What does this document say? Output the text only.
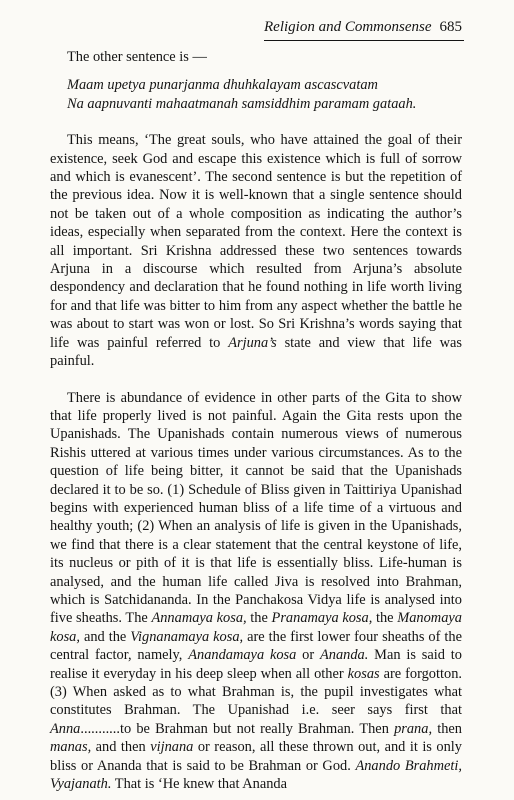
Religion and Commonsense 685

The other sentence is —

Maam upetya punarjanma dhuhkalayam ascascvatam
Na aapnuvanti mahaatmanah samsiddhim paramam gataah.

This means, ‘The great souls, who have attained the goal of their existence, seek God and escape this existence which is full of sorrow and which is evanescent’. The second sentence is but the repetition of the previous idea. Now it is well-known that a single sentence should not be taken out of a whole composition as indicating the author’s ideas, especially when separated from the context. Here the context is all important. Sri Krishna addressed these two sentences towards Arjuna in a discourse which resulted from Arjuna’s absolute despondency and declaration that he found nothing in life worth living for and that life was bitter to him from any aspect whether the battle he was about to start was won or lost. So Sri Krishna’s words saying that life was painful referred to Arjuna’s state and view that life was painful.

There is abundance of evidence in other parts of the Gita to show that life properly lived is not painful. Again the Gita rests upon the Upanishads. The Upanishads contain numerous views of numerous Rishis uttered at various times under various circumstances. As to the question of life being bitter, it cannot be said that the Upanishads declared it to be so. (1) Schedule of Bliss given in Taittiriya Upanishad begins with experienced human bliss of a life time of a virtuous and healthy youth; (2) When an analysis of life is given in the Upanishads, we find that there is a clear statement that the central keystone of life, its nucleus or pith of it is that life is essentially bliss. Life-human is analysed, and the human life called Jiva is resolved into Brahman, which is Satchidananda. In the Panchakosa Vidya life is analysed into five sheaths. The Annamaya kosa, the Pranamaya kosa, the Manomaya kosa, and the Vignanamaya kosa, are the first lower four sheaths of the central factor, namely, Anandamaya kosa or Ananda. Man is said to realise it everyday in his deep sleep when all other kosas are forgotton. (3) When asked as to what Brahman is, the pupil investigates what constitutes Brahman. The Upanishad i.e. seer says first that Anna...........to be Brahman but not really Brahman. Then prana, then manas, and then vijnana or reason, all these thrown out, and it is only bliss or Ananda that is said to be Brahman or God. Anando Brahmeti, Vyajanath. That is ‘He knew that Ananda
